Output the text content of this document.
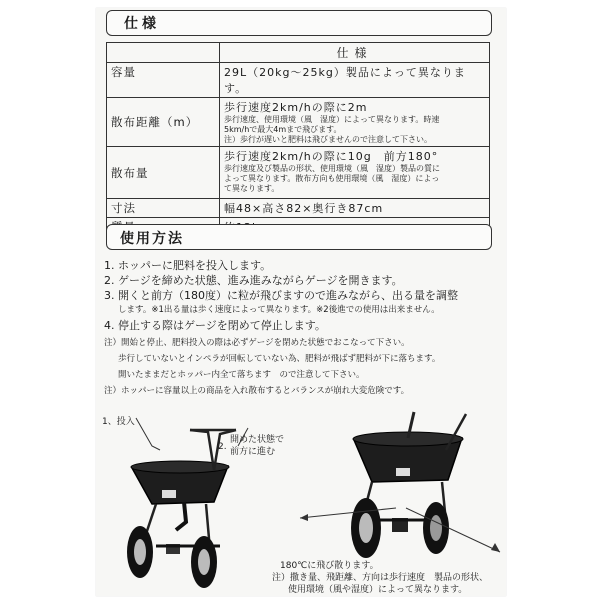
仕様
	仕様
容量	29L（20kg～25kg）製品によって異なります。
散布距離（m）	歩行速度2km/hの際に2m
歩行速度、使用環境（風　湿度）によって異なります。時速
5km/hで最大4mまで飛びます。
注）歩行が遅いと肥料は飛びませんので注意して下さい。

散布量	歩行速度2km/hの際に10g　前方180°
歩行速度及び製品の形状、使用環境（風　湿度）製品の質に
よって異なります。散布方向も使用環境（風　湿度）によっ
て異なります。

寸法	幅48×高さ82×奥行き87cm

使用方法
1. ホッパーに肥料を投入します。
2. ゲージを締めた状態、進み進みながらゲージを開きます。
3. 開くと前方（180度）に粒が飛びますので進みながら、出る量を調整
します。※1出る量は歩く速度によって異なります。※2後進での使用は出来ません。
4. 停止する際はゲージを閉めて停止します。
注）開始と停止、肥料投入の際は必ずゲージを閉めた状態でおこなって下さい。
歩行していないとインペラが回転していない為、肥料が飛ばず肥料が下に落ちます。
開いたままだとホッパー内全て落ちます　ので注意して下さい。
注）ホッパーに容量以上の商品を入れ散布するとバランスが崩れ大変危険です。
1、投入
2.
開めた状態で
前方に進む
180℃に飛び散ります。
注）撒き量、飛距離、方向は歩行速度　製品の形状、
使用環境（風や湿度）によって異なります。
